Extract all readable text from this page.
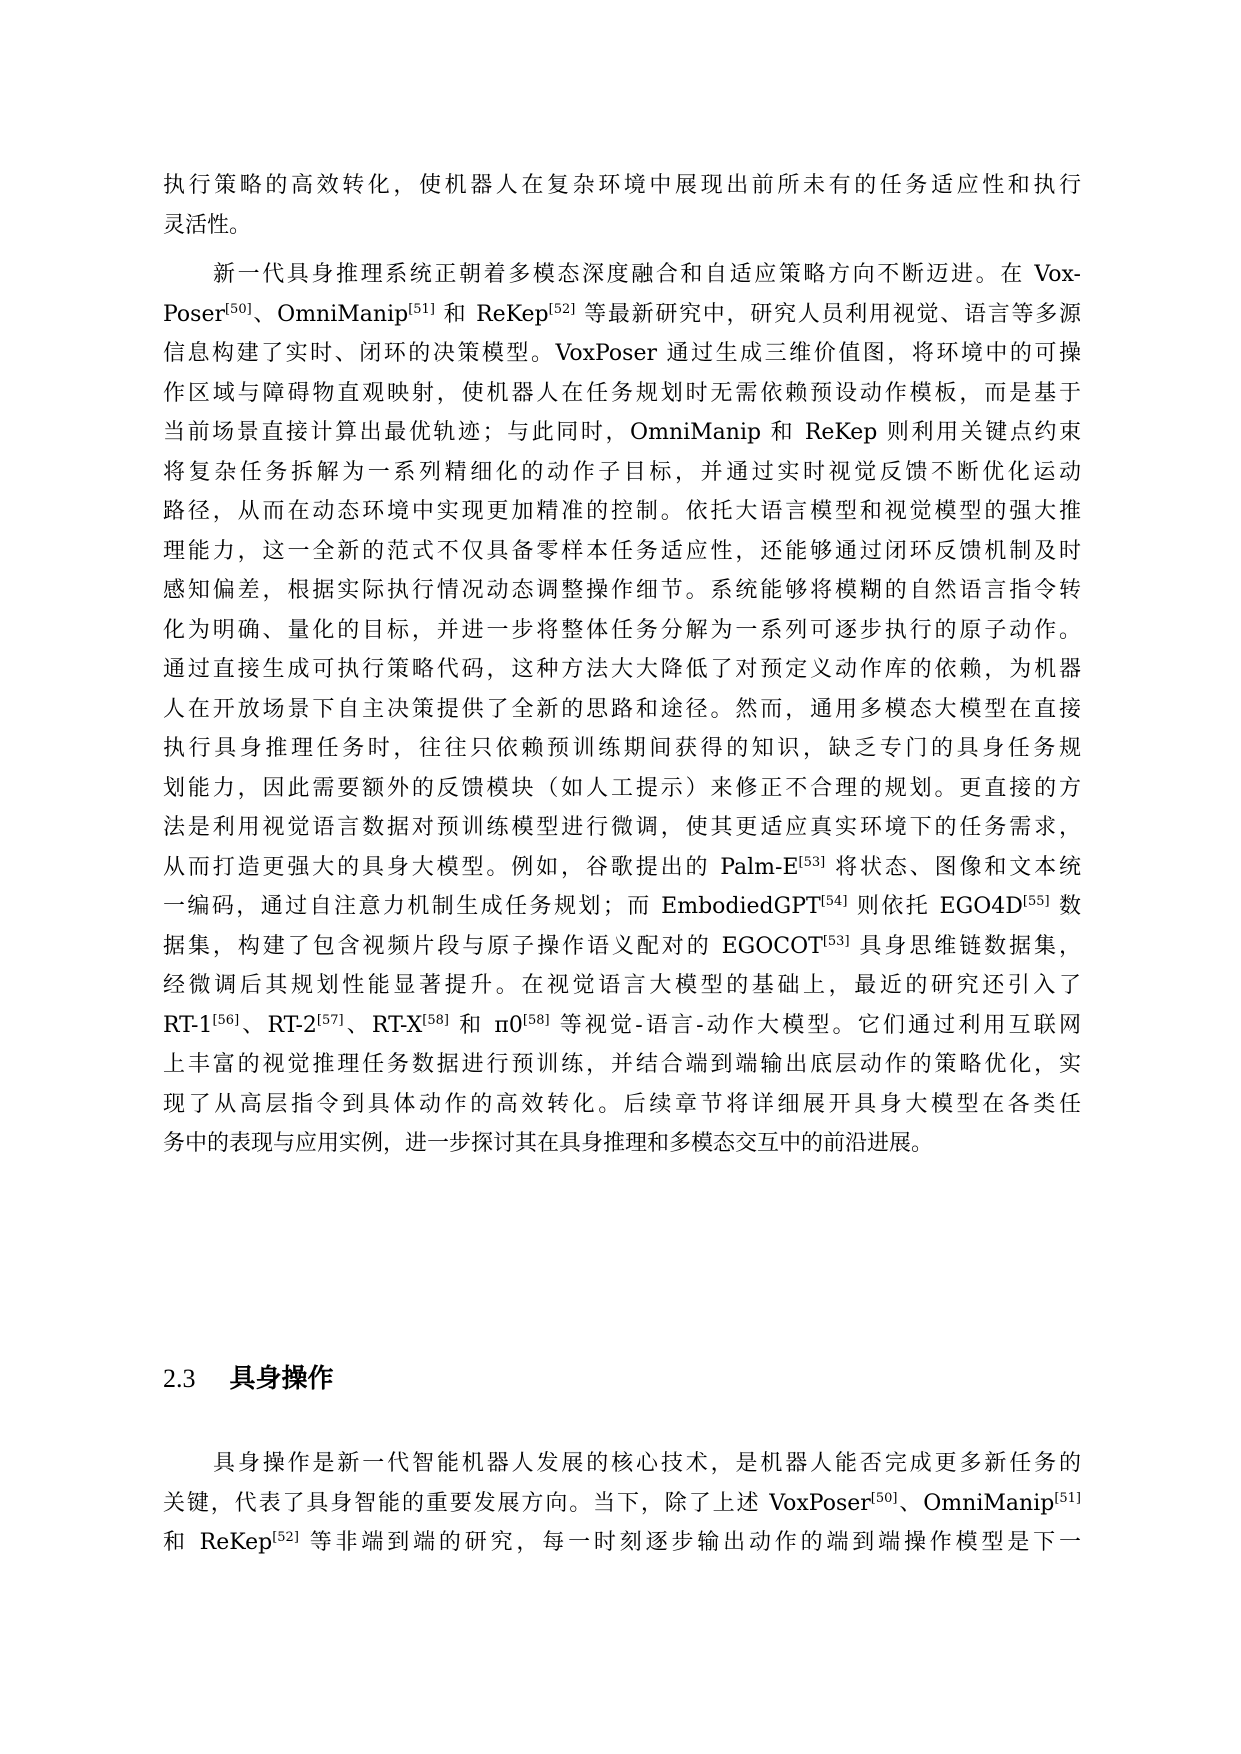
执行策略的高效转化，使机器人在复杂环境中展现出前所未有的任务适应性和执行
灵活性。
新一代具身推理系统正朝着多模态深度融合和自适应策略方向不断迈进。在 Vox-
Poser[50]、OmniManip[51] 和 ReKep[52] 等最新研究中，研究人员利用视觉、语言等多源
信息构建了实时、闭环的决策模型。VoxPoser 通过生成三维价值图，将环境中的可操
作区域与障碍物直观映射，使机器人在任务规划时无需依赖预设动作模板，而是基于
当前场景直接计算出最优轨迹；与此同时，OmniManip 和 ReKep 则利用关键点约束
将复杂任务拆解为一系列精细化的动作子目标，并通过实时视觉反馈不断优化运动
路径，从而在动态环境中实现更加精准的控制。依托大语言模型和视觉模型的强大推
理能力，这一全新的范式不仅具备零样本任务适应性，还能够通过闭环反馈机制及时
感知偏差，根据实际执行情况动态调整操作细节。系统能够将模糊的自然语言指令转
化为明确、量化的目标，并进一步将整体任务分解为一系列可逐步执行的原子动作。
通过直接生成可执行策略代码，这种方法大大降低了对预定义动作库的依赖，为机器
人在开放场景下自主决策提供了全新的思路和途径。然而，通用多模态大模型在直接
执行具身推理任务时，往往只依赖预训练期间获得的知识，缺乏专门的具身任务规
划能力，因此需要额外的反馈模块（如人工提示）来修正不合理的规划。更直接的方
法是利用视觉语言数据对预训练模型进行微调，使其更适应真实环境下的任务需求，
从而打造更强大的具身大模型。例如，谷歌提出的 Palm-E[53] 将状态、图像和文本统
一编码，通过自注意力机制生成任务规划；而 EmbodiedGPT[54] 则依托 EGO4D[55] 数
据集，构建了包含视频片段与原子操作语义配对的 EGOCOT[53] 具身思维链数据集，
经微调后其规划性能显著提升。在视觉语言大模型的基础上，最近的研究还引入了
RT-1[56]、RT-2[57]、RT-X[58] 和 π0[58] 等视觉-语言-动作大模型。它们通过利用互联网
上丰富的视觉推理任务数据进行预训练，并结合端到端输出底层动作的策略优化，实
现了从高层指令到具体动作的高效转化。后续章节将详细展开具身大模型在各类任
务中的表现与应用实例，进一步探讨其在具身推理和多模态交互中的前沿进展。
2.3 具身操作
具身操作是新一代智能机器人发展的核心技术，是机器人能否完成更多新任务的
关键，代表了具身智能的重要发展方向。当下，除了上述 VoxPoser[50]、OmniManip[51]
和 ReKep[52] 等非端到端的研究，每一时刻逐步输出动作的端到端操作模型是下一
